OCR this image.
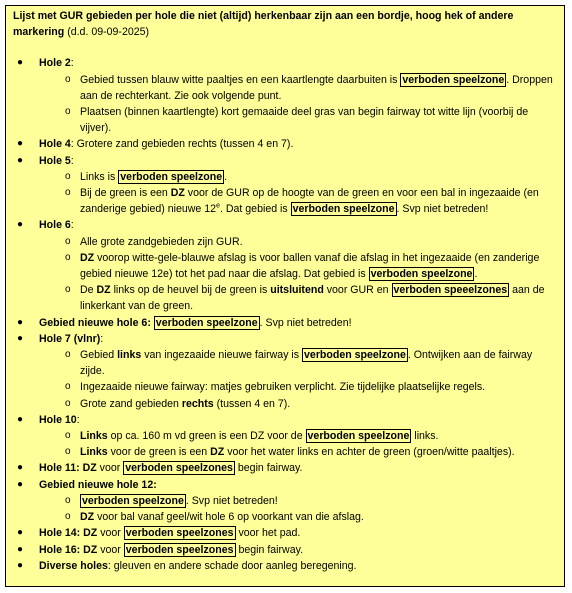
Lijst met GUR gebieden per hole die niet (altijd) herkenbaar zijn aan een bordje, hoog hek of andere markering (d.d. 09-09-2025)

● Hole 2:
o Gebied tussen blauw witte paaltjes en een kaartlengte daarbuiten is verboden speelzone . Droppen aan de rechterkant. Zie ook volgende punt.
o Plaatsen (binnen kaartlengte) kort gemaaide deel gras van begin fairway tot witte lijn (voorbij de vijver).
● Hole 4: Grotere zand gebieden rechts (tussen 4 en 7).
● Hole 5:
o Links is verboden speelzone .
o Bij de green is een DZ voor de GUR op de hoogte van de green en voor een bal in ingezaaide (en zanderige gebied) nieuwe 12e. Dat gebied is verboden speelzone . Svp niet betreden!
● Hole 6:
o Alle grote zandgebieden zijn GUR.
o DZ voorop witte-gele-blauwe afslag is voor ballen vanaf die afslag in het ingezaaide (en zanderige gebied nieuwe 12e) tot het pad naar die afslag. Dat gebied is verboden speelzone .
o De DZ links op de heuvel bij de green is uitsluitend voor GUR en verboden speeelzones aan de linkerkant van de green.
● Gebied nieuwe hole 6: verboden speelzone . Svp niet betreden!
● Hole 7 (vlnr):
o Gebied links van ingezaaide nieuwe fairway is verboden speelzone . Ontwijken aan de fairway zijde.
o Ingezaaide nieuwe fairway: matjes gebruiken verplicht. Zie tijdelijke plaatselijke regels.
o Grote zand gebieden rechts (tussen 4 en 7).
● Hole 10:
o Links op ca. 160 m vd green is een DZ voor de verboden speelzone links.
o Links voor de green is een DZ voor het water links en achter de green (groen/witte paaltjes).
● Hole 11: DZ voor verboden speelzones begin fairway.
● Gebied nieuwe hole 12:
o verboden speelzone . Svp niet betreden!
o DZ voor bal vanaf geel/wit hole 6 op voorkant van die afslag.
● Hole 14: DZ voor verboden speelzones voor het pad.
● Hole 16: DZ voor verboden speelzones begin fairway.
● Diverse holes: gleuven en andere schade door aanleg beregening.
